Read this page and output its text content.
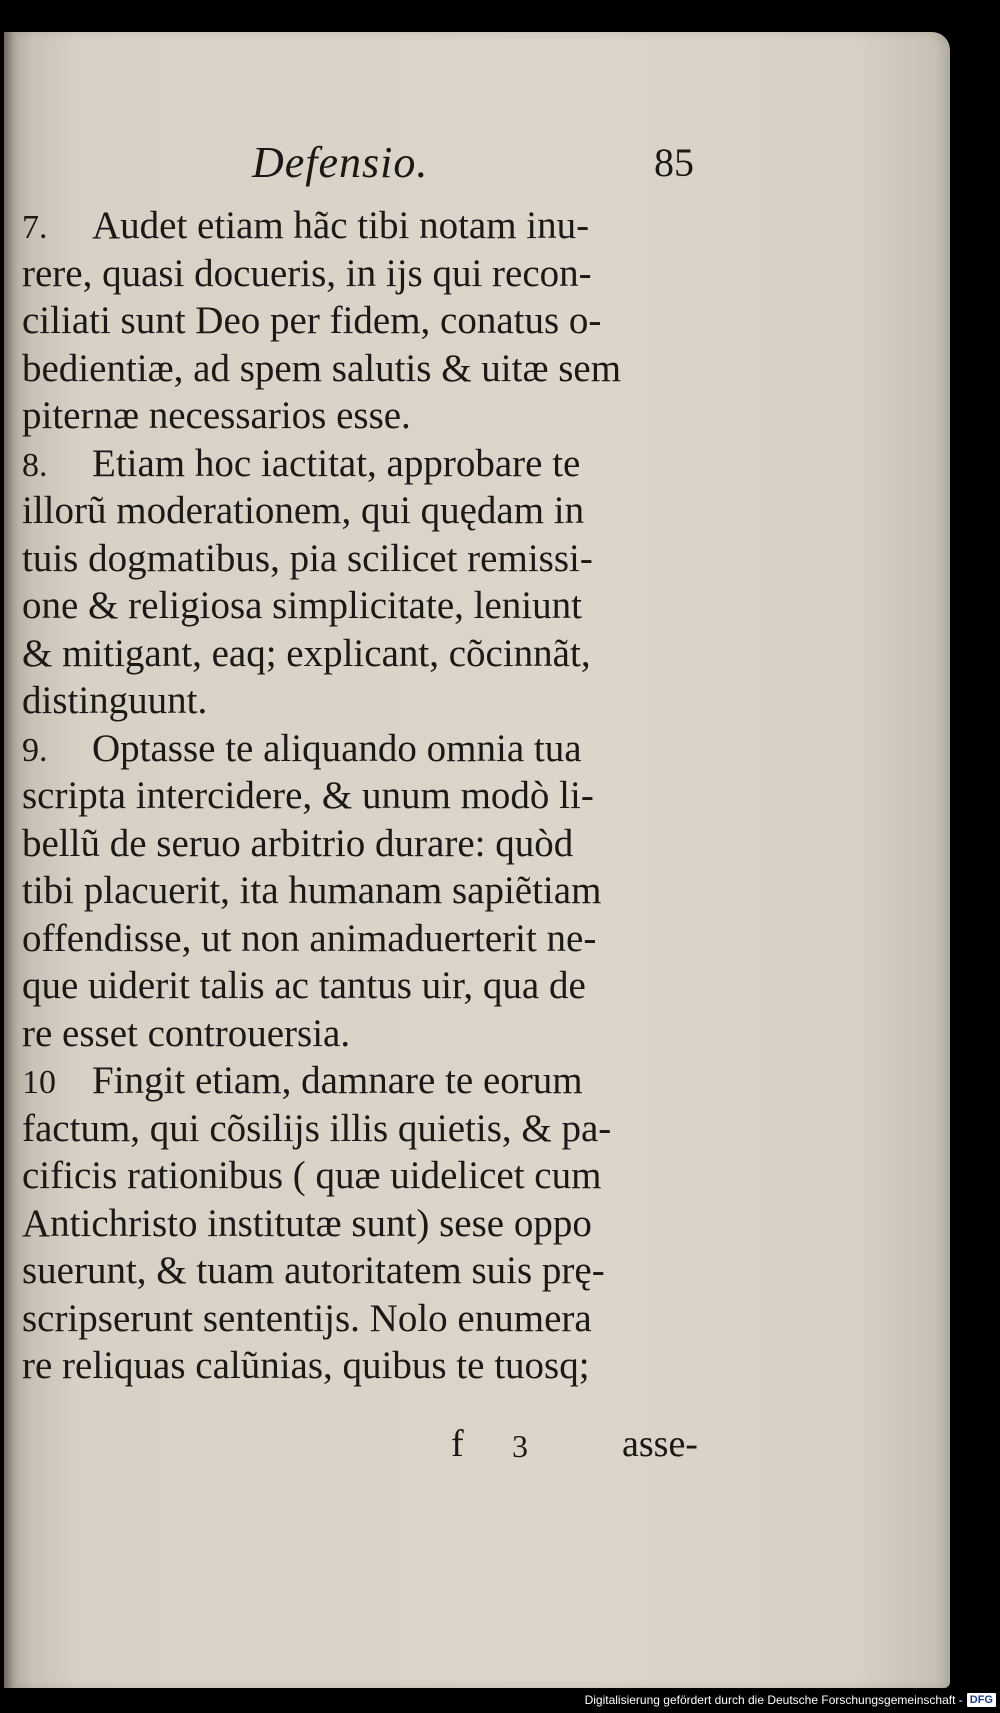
Defensio.	85
7. Audet etiam hãc tibi notam inu-
rere, quasi docueris, in ijs qui recon-
ciliati sunt Deo per fidem, conatus o-
bedientiæ, ad spem salutis & uitæ sem
piternæ necessarios esse.
8. Etiam hoc iactitat, approbare te
illorũ moderationem, qui quędam in
tuis dogmatibus, pia scilicet remissi-
one & religiosa simplicitate, leniunt
& mitigant, eaq; explicant, cõcinnãt,
distinguunt.
9. Optasse te aliquando omnia tua
scripta intercidere, & unum modò li-
bellũ de seruo arbitrio durare: quòd
tibi placuerit, ita humanam sapiẽtiam
offendisse, ut non animaduerterit ne-
que uiderit talis ac tantus uir, qua de
re esset controuersia.
10 Fingit etiam, damnare te eorum
factum, qui cõsilijs illis quietis, & pa-
cificis rationibus ( quæ uidelicet cum
Antichristo institutæ sunt) sese oppo
suerunt, & tuam autoritatem suis prę-
scripserunt sententijs. Nolo enumera
re reliquas calũnias, quibus te tuosq;
f 3 asse-
Digitalisierung gefördert durch die Deutsche Forschungsgemeinschaft - DFG
